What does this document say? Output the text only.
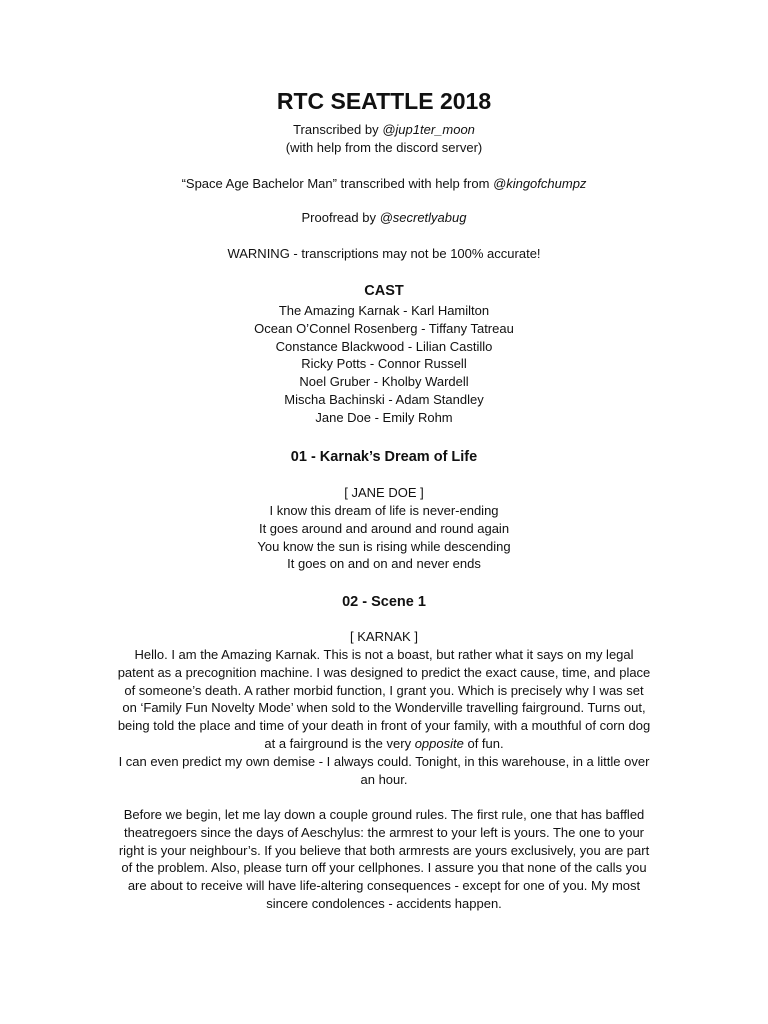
RTC SEATTLE 2018
Transcribed by @jup1ter_moon
(with help from the discord server)
“Space Age Bachelor Man” transcribed with help from @kingofchumpz
Proofread by @secretlyabug
WARNING - transcriptions may not be 100% accurate!
CAST
The Amazing Karnak - Karl Hamilton
Ocean O’Connel Rosenberg - Tiffany Tatreau
Constance Blackwood - Lilian Castillo
Ricky Potts - Connor Russell
Noel Gruber - Kholby Wardell
Mischa Bachinski - Adam Standley
Jane Doe - Emily Rohm
01 - Karnak’s Dream of Life
[ JANE DOE ]
I know this dream of life is never-ending
It goes around and around and round again
You know the sun is rising while descending
It goes on and on and never ends
02 - Scene 1
[ KARNAK ]
Hello. I am the Amazing Karnak. This is not a boast, but rather what it says on my legal
patent as a precognition machine. I was designed to predict the exact cause, time, and place
of someone’s death. A rather morbid function, I grant you. Which is precisely why I was set
on ‘Family Fun Novelty Mode’ when sold to the Wonderville travelling fairground. Turns out,
being told the place and time of your death in front of your family, with a mouthful of corn dog
at a fairground is the very opposite of fun.
I can even predict my own demise - I always could. Tonight, in this warehouse, in a little over
an hour.
Before we begin, let me lay down a couple ground rules. The first rule, one that has baffled
theatregoers since the days of Aeschylus: the armrest to your left is yours. The one to your
right is your neighbour’s. If you believe that both armrests are yours exclusively, you are part
of the problem. Also, please turn off your cellphones. I assure you that none of the calls you
are about to receive will have life-altering consequences - except for one of you. My most
sincere condolences - accidents happen.
